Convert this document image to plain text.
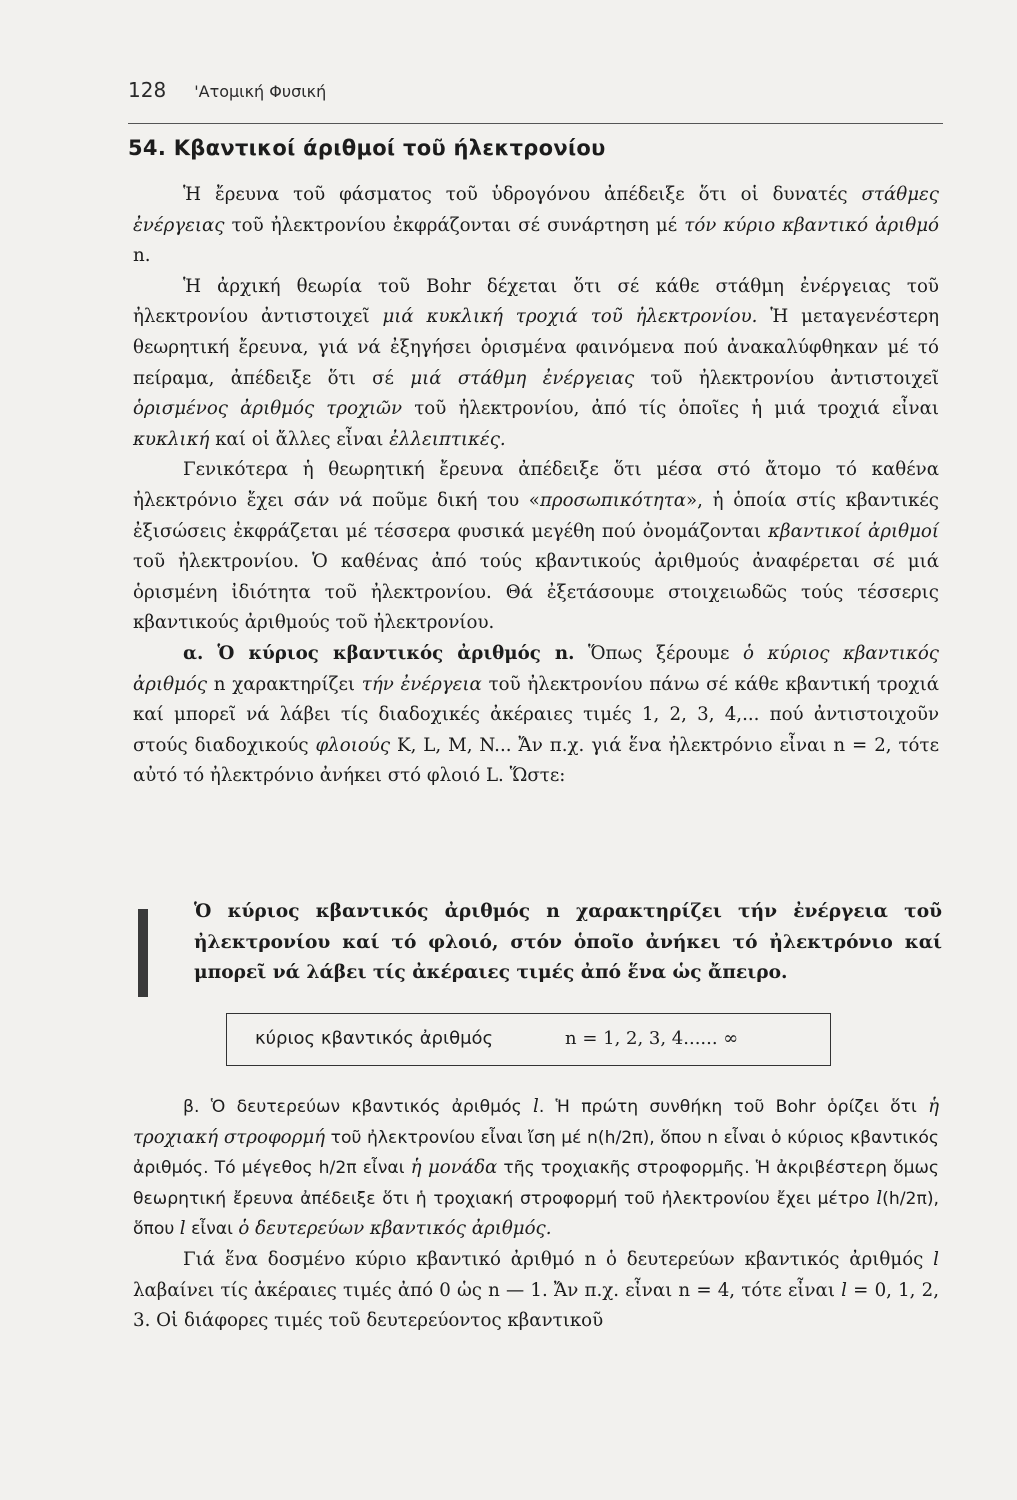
128 'Ατομική Φυσική
54. Κβαντικοί άριθμοί τοῦ ήλεκτρονίου

Ἡ ἔρευνα τοῦ φάσματος τοῦ ὑδρογόνου ἀπέδειξε ὅτι οἱ δυνατές στάθμες ἐνέργειας τοῦ ἠλεκτρονίου ἐκφράζονται σέ συνάρτηση μέ τόν κύριο κβαντικό ἀριθμό n.

Ἡ ἀρχική θεωρία τοῦ Bohr δέχεται ὅτι σέ κάθε στάθμη ἐνέργειας τοῦ ἠλεκτρονίου ἀντιστοιχεῖ μιά κυκλική τροχιά τοῦ ἠλεκτρονίου. Ἡ μεταγενέστερη θεωρητική ἔρευνα, γιά νά ἐξηγήσει ὁρισμένα φαινόμενα πού ἀνακαλύφθηκαν μέ τό πείραμα, ἀπέδειξε ὅτι σέ μιά στάθμη ἐνέργειας τοῦ ἠλεκτρονίου ἀντιστοιχεῖ ὁρισμένος ἀριθμός τροχιῶν τοῦ ἠλεκτρονίου, ἀπό τίς ὁποῖες ἡ μιά τροχιά εἶναι κυκλική καί οἱ ἄλλες εἶναι ἐλλειπτικές.

Γενικότερα ἡ θεωρητική ἔρευνα ἀπέδειξε ὅτι μέσα στό ἄτομο τό καθένα ἠλεκτρόνιο ἔχει σάν νά ποῦμε δική του «προσωπικότητα», ἡ ὁποία στίς κβαντικές ἐξισώσεις ἐκφράζεται μέ τέσσερα φυσικά μεγέθη πού ὀνομάζονται κβαντικοί ἀριθμοί τοῦ ἠλεκτρονίου. Ὁ καθένας ἀπό τούς κβαντικούς ἀριθμούς ἀναφέρεται σέ μιά ὁρισμένη ἰδιότητα τοῦ ἠλεκτρονίου. Θά ἐξετάσουμε στοιχειωδῶς τούς τέσσερις κβαντικούς ἀριθμούς τοῦ ἠλεκτρονίου.

α. Ὁ κύριος κβαντικός ἀριθμός n. Ὅπως ξέρουμε ὁ κύριος κβαντικός ἀριθμός n χαρακτηρίζει τήν ἐνέργεια τοῦ ἠλεκτρονίου πάνω σέ κάθε κβαντική τροχιά καί μπορεῖ νά λάβει τίς διαδοχικές ἀκέραιες τιμές 1, 2, 3, 4,... πού ἀντιστοιχοῦν στούς διαδοχικούς φλοιούς K, L, M, N... Ἄν π.χ. γιά ἕνα ἠλεκτρόνιο εἶναι n = 2, τότε αὐτό τό ἠλεκτρόνιο ἀνήκει στό φλοιό L. Ὥστε:

Ὁ κύριος κβαντικός ἀριθμός n χαρακτηρίζει τήν ἐνέργεια τοῦ ἠλεκτρονίου καί τό φλοιό, στόν ὁποῖο ἀνήκει τό ἠλεκτρόνιο καί μπορεῖ νά λάβει τίς ἀκέραιες τιμές ἀπό ἕνα ὡς ἄπειρο.
κύριος κβαντικός ἀριθμός	n = 1, 2, 3, 4...... ∞

β. Ὁ δευτερεύων κβαντικός ἀριθμός l. Ἡ πρώτη συνθήκη τοῦ Bohr ὁρίζει ὅτι ἡ τροχιακή στροφορμή τοῦ ἠλεκτρονίου εἶναι ἴση μέ n(h/2π), ὅπου n εἶναι ὁ κύριος κβαντικός ἀριθμός. Τό μέγεθος h/2π εἶναι ἡ μονάδα τῆς τροχιακῆς στροφορμῆς. Ἡ ἀκριβέστερη ὅμως θεωρητική ἔρευνα ἀπέδειξε ὅτι ἡ τροχιακή στροφορμή τοῦ ἠλεκτρονίου ἔχει μέτρο l(h/2π), ὅπου l εἶναι ὁ δευτερεύων κβαντικός ἀριθμός.

Γιά ἕνα δοσμένο κύριο κβαντικό ἀριθμό n ὁ δευτερεύων κβαντικός ἀριθμός l λαβαίνει τίς ἀκέραιες τιμές ἀπό 0 ὡς n — 1. Ἄν π.χ. εἶναι n = 4, τότε εἶναι l = 0, 1, 2, 3. Οἱ διάφορες τιμές τοῦ δευτερεύοντος κβαντικοῦ
